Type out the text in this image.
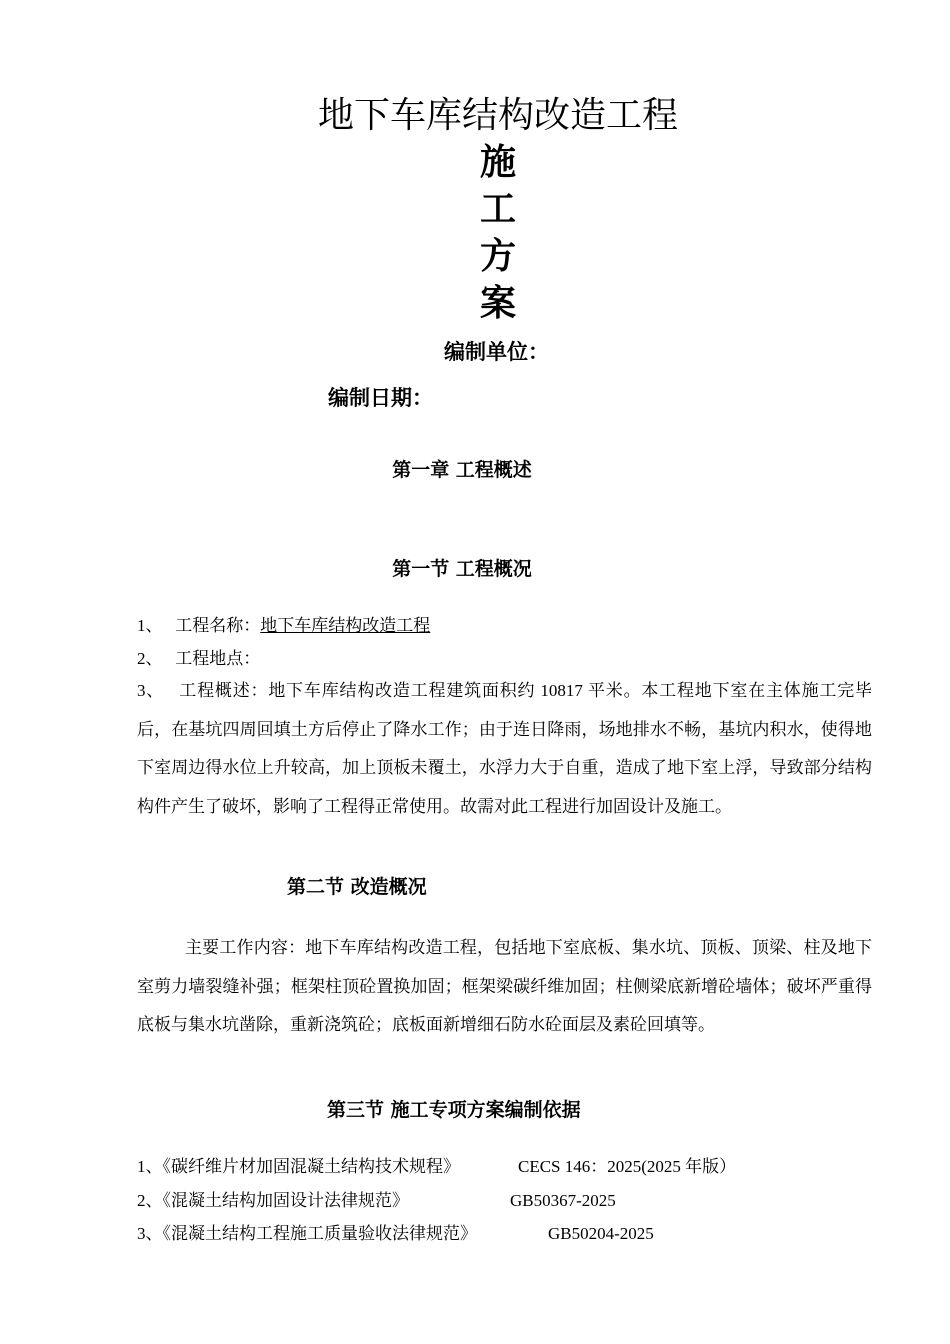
地下车库结构改造工程
施
工
方
案
编制单位：
编制日期：
第一章 工程概述
第一节 工程概况
1、 工程名称：地下车库结构改造工程
2、 工程地点：
3、 工程概述：地下车库结构改造工程建筑面积约 10817 平米。本工程地下室在主体施工完毕后，在基坑四周回填土方后停止了降水工作；由于连日降雨，场地排水不畅，基坑内积水，使得地下室周边得水位上升较高，加上顶板未覆土，水浮力大于自重，造成了地下室上浮，导致部分结构构件产生了破坏，影响了工程得正常使用。故需对此工程进行加固设计及施工。
第二节 改造概况
主要工作内容：地下车库结构改造工程，包括地下室底板、集水坑、顶板、顶梁、柱及地下室剪力墙裂缝补强；框架柱顶砼置换加固；框架梁碳纤维加固；柱侧梁底新增砼墙体；破坏严重得底板与集水坑凿除，重新浇筑砼；底板面新增细石防水砼面层及素砼回填等。
第三节 施工专项方案编制依据
1、《碳纤维片材加固混凝土结构技术规程》	CECS 146：2025(2025 年版）
2、《混凝土结构加固设计法律规范》	GB50367-2025
3、《混凝土结构工程施工质量验收法律规范》	GB50204-2025
